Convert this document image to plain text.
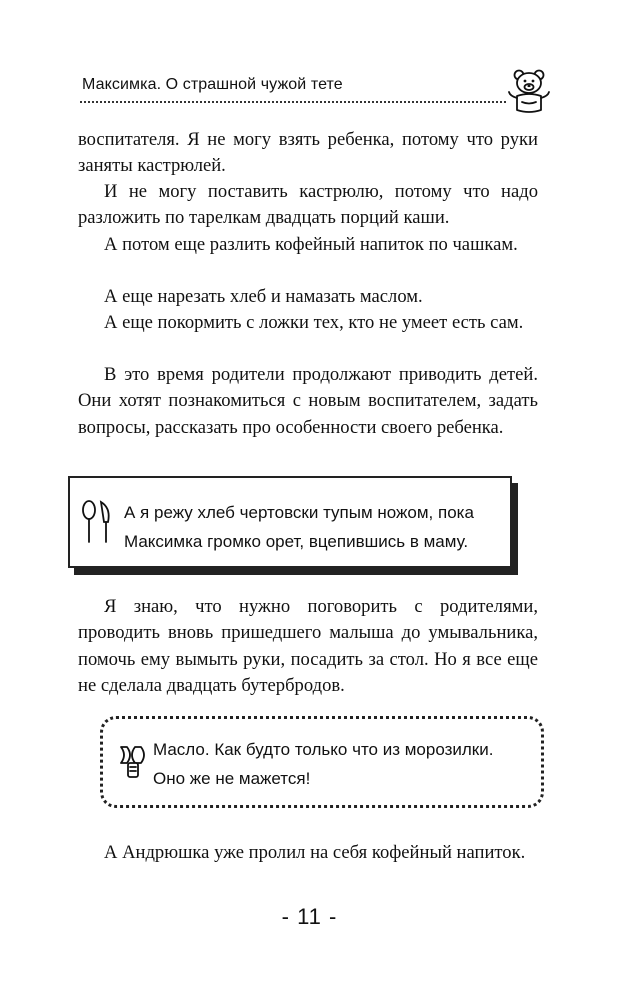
Максимка. О страшной чужой тете

воспитателя. Я не могу взять ребенка, потому что руки заняты кастрюлей.

И не могу поставить кастрюлю, потому что надо разложить по тарелкам двадцать порций каши.

А потом еще разлить кофейный напиток по чашкам.

А еще нарезать хлеб и намазать маслом.

А еще покормить с ложки тех, кто не умеет есть сам.

В это время родители продолжают приводить детей. Они хотят познакомиться с новым воспитателем, задать вопросы, рассказать про особенности своего ребенка.

А я режу хлеб чертовски тупым ножом, пока
Максимка громко орет, вцепившись в маму.

Я знаю, что нужно поговорить с родителями, проводить вновь пришедшего малыша до умывальника, помочь ему вымыть руки, посадить за стол. Но я все еще не сделала двадцать бутербродов.

Масло. Как будто только что из морозилки.
Оно же не мажется!

А Андрюшка уже пролил на себя кофейный напиток.

- 11 -
